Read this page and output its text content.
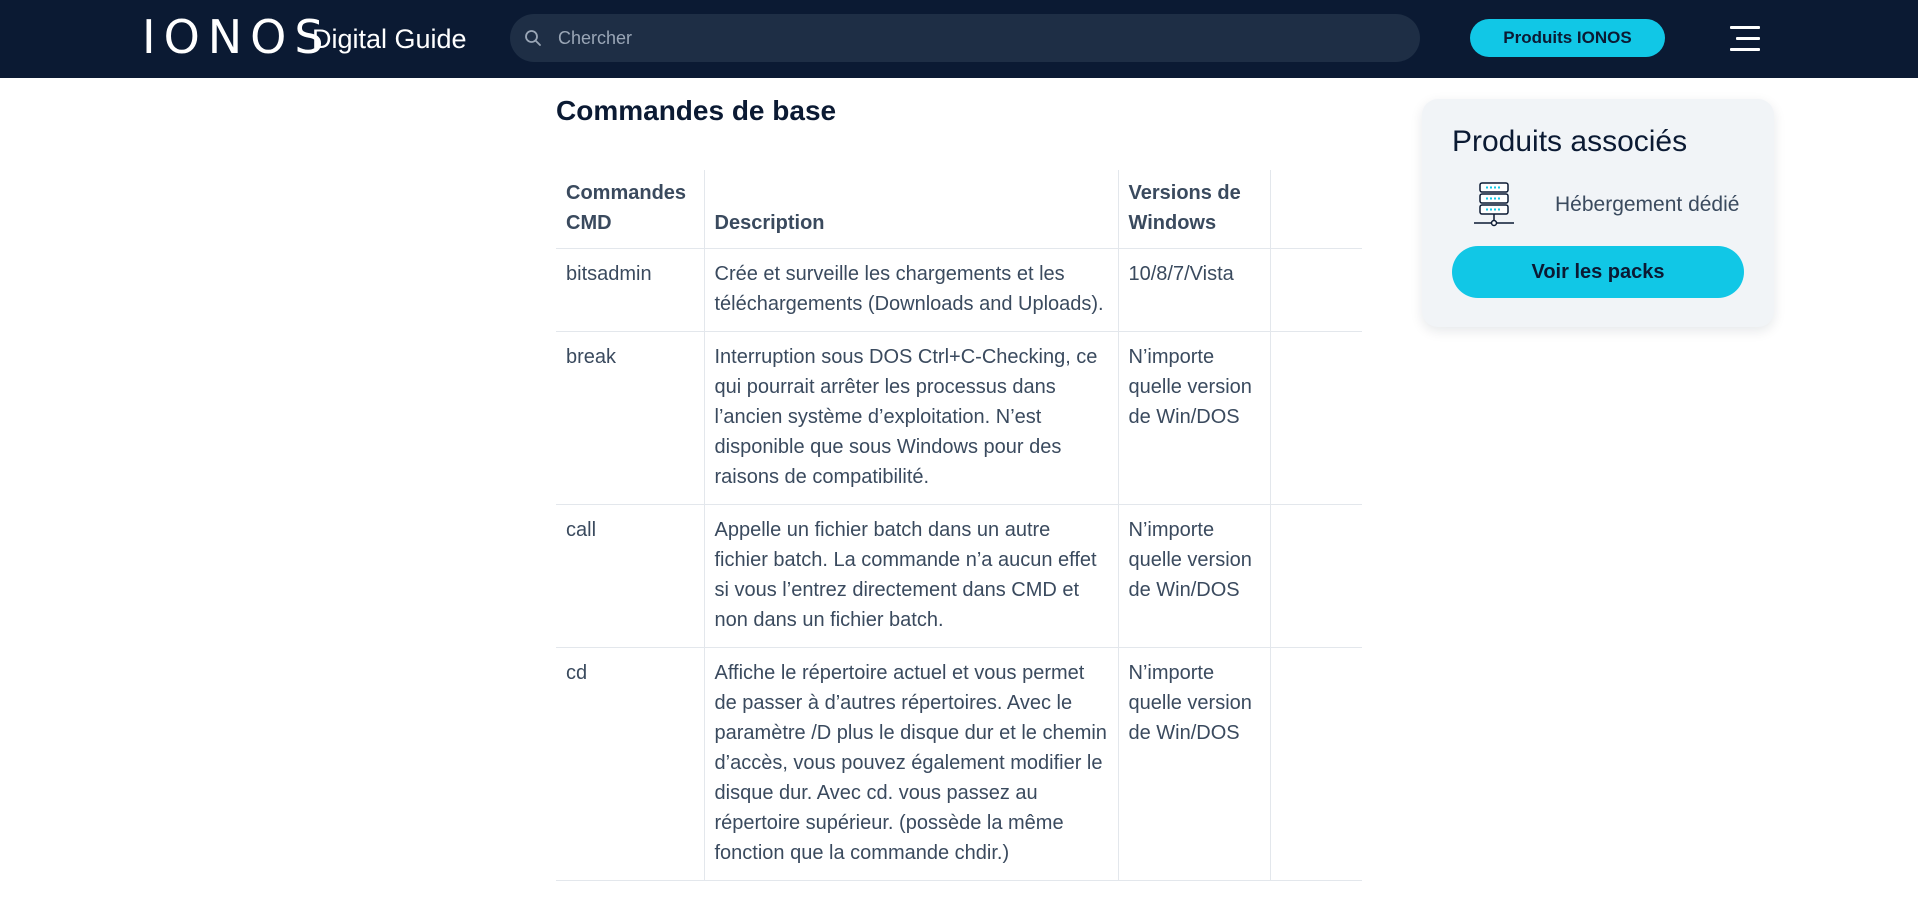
IONOS
Digital Guide
Chercher	Produits IONOS
Commandes de base
Commandes CMD	Description	Versions de Windows	
bitsadmin	Crée et surveille les chargements et les téléchargements (Downloads and Uploads).	10/8/7/Vista	
break	Interruption sous DOS Ctrl+C-Checking, ce qui pourrait arrêter les processus dans l’ancien système d’exploitation. N’est disponible que sous Windows pour des raisons de compatibilité.	N’importe quelle version de Win/DOS	
call	Appelle un fichier batch dans un autre fichier batch. La commande n’a aucun effet si vous l’entrez directement dans CMD et non dans un fichier batch.	N’importe quelle version de Win/DOS	
cd	Affiche le répertoire actuel et vous permet de passer à d’autres répertoires. Avec le paramètre /D plus le disque dur et le chemin d’accès, vous pouvez également modifier le disque dur. Avec cd. vous passez au répertoire supérieur. (possède la même fonction que la commande chdir.)	N’importe quelle version de Win/DOS	
Produits associés
Hébergement dédié
Voir les packs
